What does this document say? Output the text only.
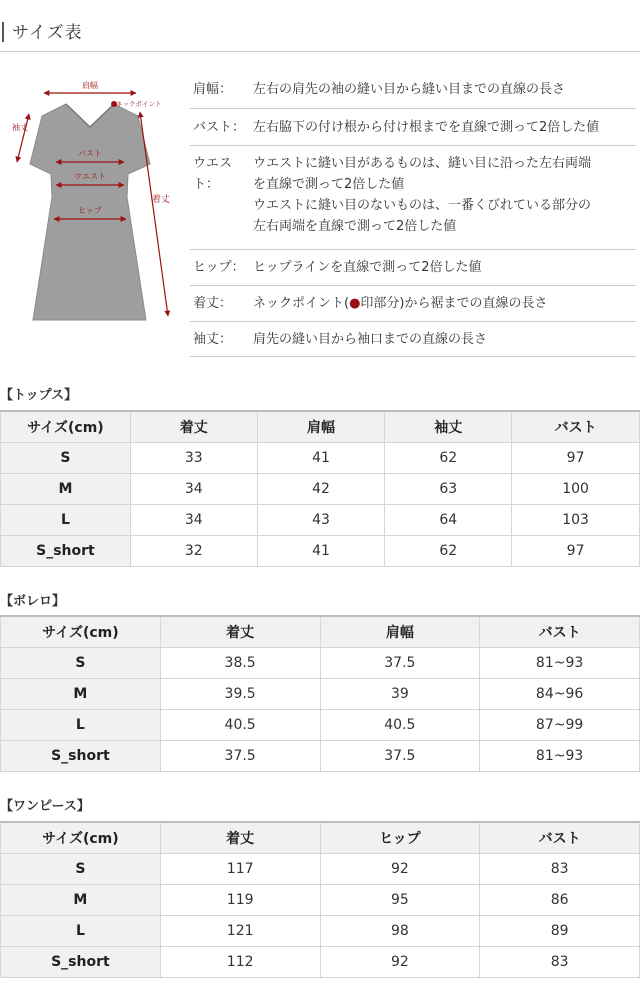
サイズ表
肩幅
ネックポイント
袖丈
バスト
ウエスト
ヒップ
着丈
肩幅：	左右の肩先の袖の縫い目から縫い目までの直線の長さ
バスト： 左右脇下の付け根から付け根までを直線で測って2倍した値
ウエスト：
ウエストに縫い目があるものは、縫い目に沿った左右両端
を直線で測って2倍した値
ウエストに縫い目のないものは、一番くびれている部分の
左右両端を直線で測って2倍した値
ヒップ： ヒップラインを直線で測って2倍した値
着丈：	ネックポイント(●印部分)から裾までの直線の長さ
袖丈：	肩先の縫い目から袖口までの直線の長さ
【トップス】
サイズ(cm)	着丈	肩幅	袖丈	バスト
S	33	41	62	97
M	34	42	63	100
L	34	43	64	103
S_short	32	41	62	97
【ボレロ】
サイズ(cm)	着丈	肩幅	バスト
S	38.5	37.5	81~93
M	39.5	39	84~96
L	40.5	40.5	87~99
S_short	37.5	37.5	81~93
【ワンピース】
サイズ(cm)	着丈	ヒップ	バスト
S	117	92	83
M	119	95	86
L	121	98	89
S_short	112	92	83
